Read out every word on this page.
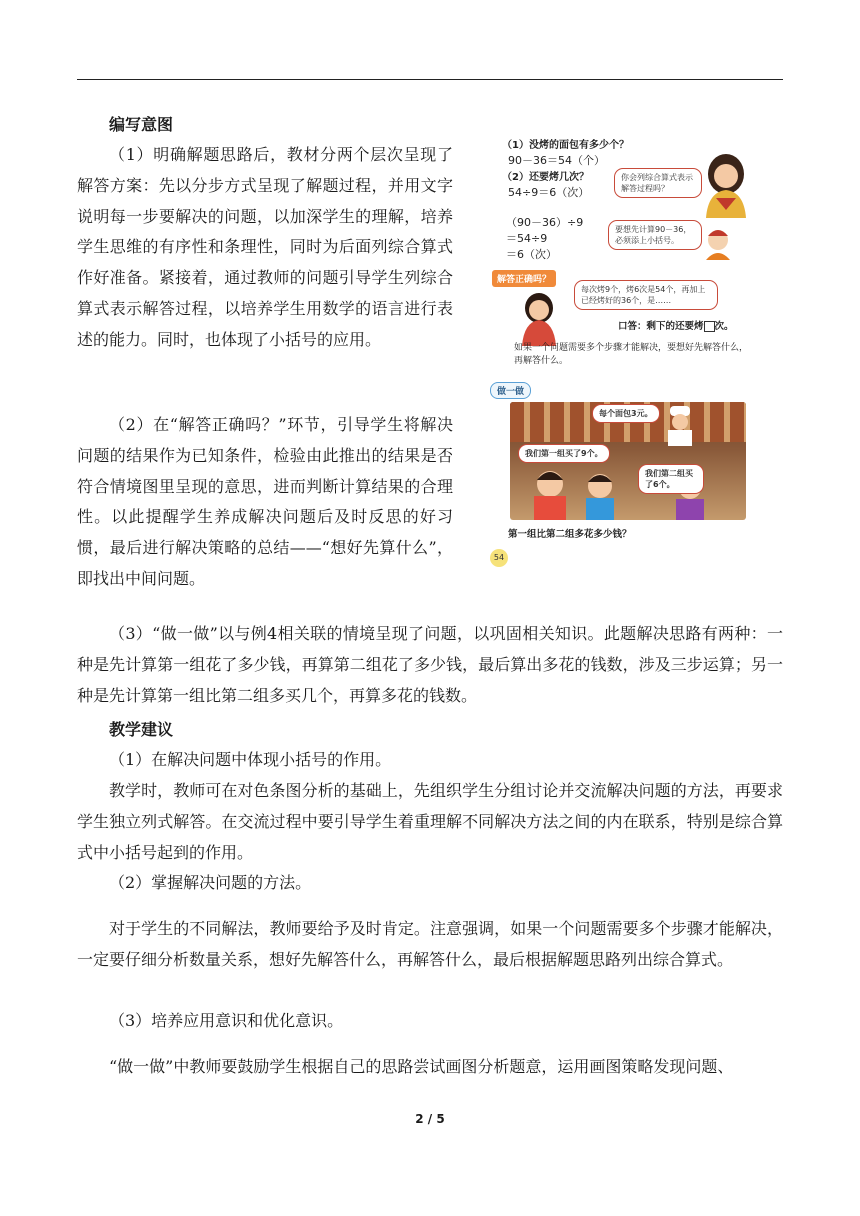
编写意图
（1）明确解题思路后，教材分两个层次呈现了解答方案：先以分步方式呈现了解题过程，并用文字说明每一步要解决的问题，以加深学生的理解，培养学生思维的有序性和条理性，同时为后面列综合算式作好准备。紧接着，通过教师的问题引导学生列综合算式表示解答过程，以培养学生用数学的语言进行表述的能力。同时，也体现了小括号的应用。
（2）在“解答正确吗？”环节，引导学生将解决问题的结果作为已知条件，检验由此推出的结果是否符合情境图里呈现的意思，进而判断计算结果的合理性。以此提醒学生养成解决问题后及时反思的好习惯，最后进行解决策略的总结——“想好先算什么”，即找出中间问题。
（3）“做一做”以与例4相关联的情境呈现了问题，以巩固相关知识。此题解决思路有两种：一种是先计算第一组花了多少钱，再算第二组花了多少钱，最后算出多花的钱数，涉及三步运算；另一种是先计算第一组比第二组多买几个，再算多花的钱数。
教学建议
（1）在解决问题中体现小括号的作用。
教学时，教师可在对色条图分析的基础上，先组织学生分组讨论并交流解决问题的方法，再要求学生独立列式解答。在交流过程中要引导学生着重理解不同解决方法之间的内在联系，特别是综合算式中小括号起到的作用。
（2）掌握解决问题的方法。
对于学生的不同解法，教师要给予及时肯定。注意强调，如果一个问题需要多个步骤才能解决，一定要仔细分析数量关系，想好先解答什么，再解答什么，最后根据解题思路列出综合算式。
（3）培养应用意识和优化意识。
“做一做”中教师要鼓励学生根据自己的思路尝试画图分析题意，运用画图策略发现问题、
（1）没烤的面包有多少个？
90－36＝54（个）
（2）还要烤几次？
54÷9＝6（次）
你会列综合算式表示解答过程吗？
（90－36）÷9
＝54÷9
＝6（次）
要想先计算90－36，必须添上小括号。
解答正确吗？
每次烤9个，烤6次是54个，再加上已经烤好的36个，是……
口答：剩下的还要烤 次。
如果一个问题需要多个步骤才能解决，要想好先解答什么，再解答什么。
做一做
每个面包3元。
我们第一组买了9个。
我们第二组买了6个。
第一组比第二组多花多少钱？
54
2 / 5
